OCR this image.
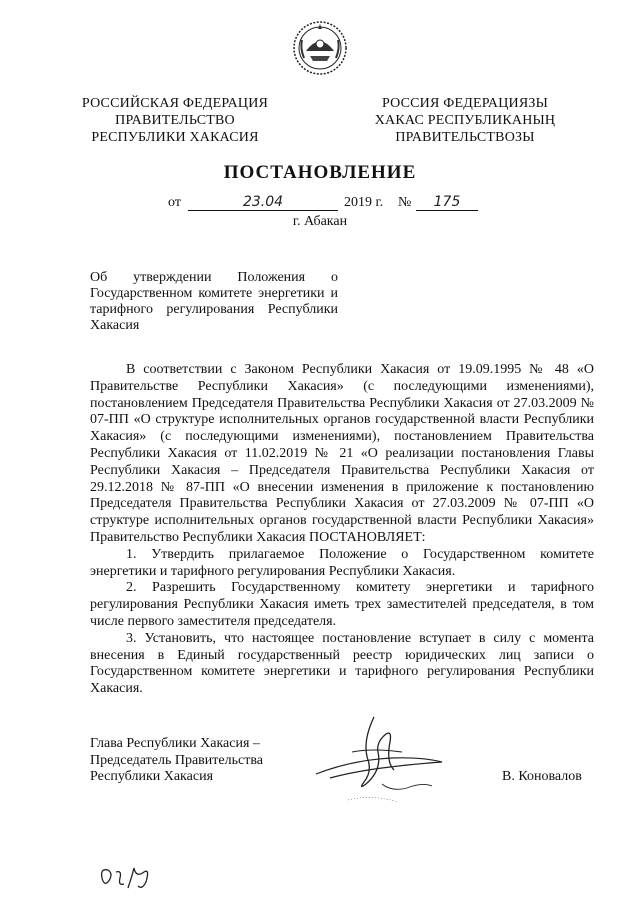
РОССИЙСКАЯ ФЕДЕРАЦИЯ
ПРАВИТЕЛЬСТВО
РЕСПУБЛИКИ ХАКАСИЯ
РОССИЯ ФЕДЕРАЦИЯЗЫ
ХАКАС РЕСПУБЛИКАНЫҢ
ПРАВИТЕЛЬСТВОЗЫ
ПОСТАНОВЛЕНИЕ
от	23.04	2019 г. №	175
г. Абакан
Об утверждении Положения о Государственном комитете энергетики и тарифного регулирования Республики Хакасия

В соответствии с Законом Республики Хакасия от 19.09.1995 № 48 «О Правительстве Республики Хакасия» (с последующими изменениями), постановлением Председателя Правительства Республики Хакасия от 27.03.2009 № 07-ПП «О структуре исполнительных органов государственной власти Республики Хакасия» (с последующими изменениями), постановлением Правительства Республики Хакасия от 11.02.2019 № 21 «О реализации постановления Главы Республики Хакасия – Председателя Правительства Республики Хакасия от 29.12.2018 № 87-ПП «О внесении изменения в приложение к постановлению Председателя Правительства Республики Хакасия от 27.03.2009 № 07-ПП «О структуре исполнительных органов государственной власти Республики Хакасия» Правительство Республики Хакасия ПОСТАНОВЛЯЕТ:

1. Утвердить прилагаемое Положение о Государственном комитете энергетики и тарифного регулирования Республики Хакасия.

2. Разрешить Государственному комитету энергетики и тарифного регулирования Республики Хакасия иметь трех заместителей председателя, в том числе первого заместителя председателя.

3. Установить, что настоящее постановление вступает в силу с момента внесения в Единый государственный реестр юридических лиц записи о Государственном комитете энергетики и тарифного регулирования Республики Хакасия.

Глава Республики Хакасия –
Председатель Правительства
Республики Хакасия	В. Коновалов
